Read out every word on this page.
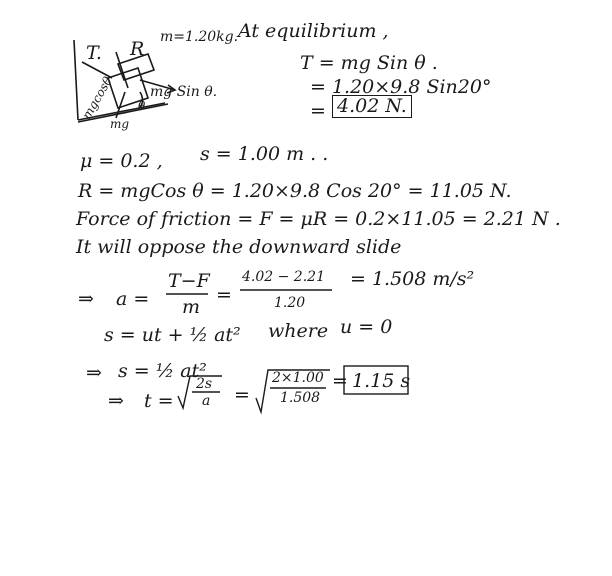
T. R
m=1.20kg.
mgcosθ	mg Sin θ.
mg
θ
At equilibrium ,
T = mg Sin θ .
= 1.20×9.8 Sin20°
= 4.02 N.
μ = 0.2 , s = 1.00 m . .
R = mgCos θ = 1.20×9.8 Cos 20° = 11.05 N.
Force of friction = F = μR = 0.2×11.05 = 2.21 N .
It will oppose the downward slide
⇒ a =
T−F
m
=
4.02 − 2.21
1.20
= 1.508 m/s²
s = ut + ½ at² where u = 0
⇒ s = ½ at²
⇒ t =
2s
a =
2×1.00
1.508
= 1.15 s
